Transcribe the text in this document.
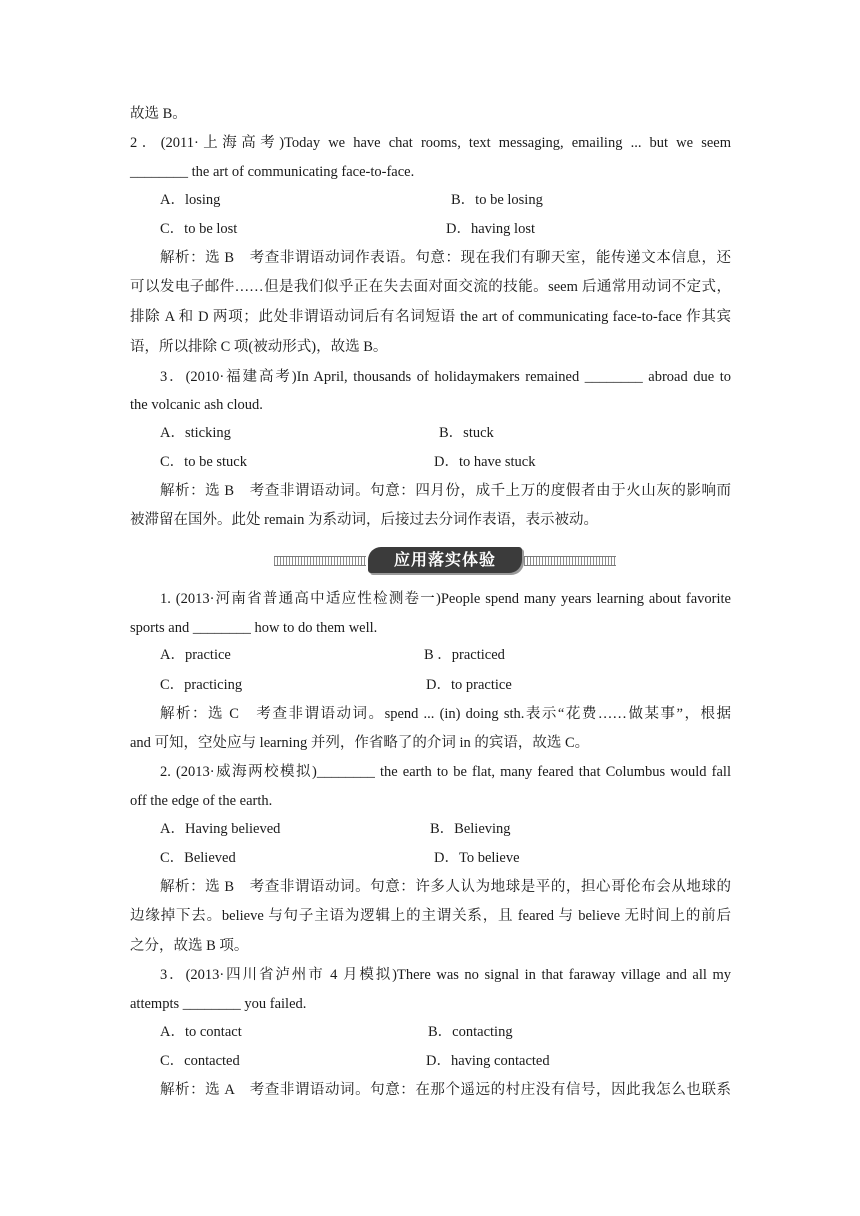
故选 B。
2．(2011·上海高考)Today we have chat rooms, text messaging, emailing ... but we seem
________ the art of communicating face-to-face.
A．losing	B．to be losing
C．to be lost	D．having lost
解析：选 B　考查非谓语动词作表语。句意：现在我们有聊天室，能传递文本信息，还
可以发电子邮件……但是我们似乎正在失去面对面交流的技能。seem 后通常用动词不定式，
排除 A 和 D 两项；此处非谓语动词后有名词短语 the art of communicating face-to-face 作其宾
语，所以排除 C 项(被动形式)，故选 B。
3．(2010·福建高考)In April, thousands of holidaymakers remained ________ abroad due to
the volcanic ash cloud.
A．sticking	B．stuck
C．to be stuck	D．to have stuck
解析：选 B　考查非谓语动词。句意：四月份，成千上万的度假者由于火山灰的影响而
被滞留在国外。此处 remain 为系动词，后接过去分词作表语，表示被动。
应用落实体验
1. (2013·河南省普通高中适应性检测卷一)People spend many years learning about favorite
sports and ________ how to do them well.
A．practice	B ．practiced
C．practicing	D．to practice
解析：选 C　考查非谓语动词。spend ... (in) doing sth.表示“花费……做某事”，根据
and 可知，空处应与 learning 并列，作省略了的介词 in 的宾语，故选 C。
2. (2013·威海两校模拟)________ the earth to be flat, many feared that Columbus would fall
off the edge of the earth.
A．Having believed	B．Believing
C．Believed	D．To believe
解析：选 B　考查非谓语动词。句意：许多人认为地球是平的，担心哥伦布会从地球的
边缘掉下去。believe 与句子主语为逻辑上的主谓关系，且 feared 与 believe 无时间上的前后
之分，故选 B 项。
3．(2013·四川省泸州市 4 月模拟)There was no signal in that faraway village and all my
attempts ________ you failed.
A．to contact	B．contacting
C．contacted	D．having contacted
解析：选 A　考查非谓语动词。句意：在那个遥远的村庄没有信号，因此我怎么也联系
